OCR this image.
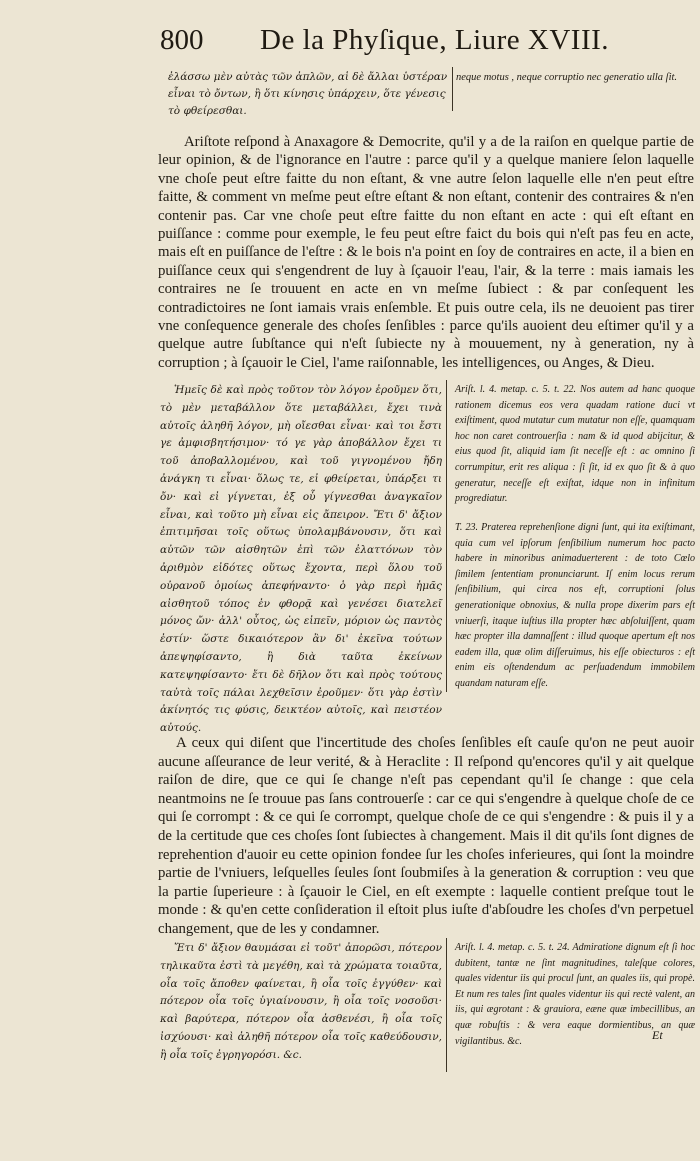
800 De la Phyſique, Liure XVIII.
ἐλάσσω μὲν αὐτὰς τῶν ἀπλῶν, αἱ δὲ ἄλλαι ὑστέραν εἶναι τὸ ὄντων, ἢ ὅτι κίνησις ὑπάρχειν, ὅτε γένεσις τὸ φθείρεσθαι.
neque motus , neque corruptio nec generatio ulla ſit.
Ariſtote reſpond à Anaxagore & Democrite, qu'il y a de la raiſon en quelque partie de leur opinion, & de l'ignorance en l'autre : parce qu'il y a quelque maniere ſelon laquelle vne choſe peut eſtre faitte du non eſtant, & vne autre ſelon laquelle elle n'en peut eſtre faitte, & comment vn meſme peut eſtre eſtant & non eſtant, contenir des contraires & n'en contenir pas. Car vne choſe peut eſtre faitte du non eſtant en acte : qui eſt eſtant en puiſſance : comme pour exemple, le feu peut eſtre faict du bois qui n'eſt pas feu en acte, mais eſt en puiſſance de l'eſtre : & le bois n'a point en ſoy de contraires en acte, il a bien en puiſſance ceux qui s'engendrent de luy à ſçauoir l'eau, l'air, & la terre : mais iamais les contraires ne ſe trouuent en acte en vn meſme ſubiect : & par conſequent les contradictoires ne ſont iamais vrais enſemble. Et puis outre cela, ils ne deuoient pas tirer vne conſequence generale des choſes ſenſibles : parce qu'ils auoient deu eſtimer qu'il y a quelque autre ſubſtance qui n'eſt ſubiecte ny à mouuement, ny à generation, ny à corruption ; à ſçauoir le Ciel, l'ame raiſonnable, les intelligences, ou Anges, & Dieu.
Ἡμεῖς δὲ καὶ πρὸς τοῦτον τὸν λόγον ἐροῦμεν ὅτι, τὸ μὲν μεταβάλλον ὅτε μεταβάλλει, ἔχει τινὰ αὐτοῖς ἀληθῆ λόγον, μὴ οἴεσθαι εἶναι· καὶ τοι ἔστι γε ἀμφισβητήσιμον· τό γε γὰρ ἀποβάλλον ἔχει τι τοῦ ἀποβαλλομένου, καὶ τοῦ γιγνομένου ἤδη ἀνάγκη τι εἶναι· ὅλως τε, εἰ φθείρεται, ὑπάρξει τι ὄν· καὶ εἰ γίγνεται, ἐξ οὗ γίγνεσθαι ἀναγκαῖον εἶναι, καὶ τοῦτο μὴ εἶναι εἰς ἄπειρον. Ἔτι δ' ἄξιον ἐπιτιμῆσαι τοῖς οὕτως ὑπολαμβάνουσιν, ὅτι καὶ αὐτῶν τῶν αἰσθητῶν ἐπὶ τῶν ἐλαττόνων τὸν ἀριθμὸν εἰδότες οὕτως ἔχοντα, περὶ ὅλου τοῦ οὐρανοῦ ὁμοίως ἀπεφήναντο· ὁ γὰρ περὶ ἡμᾶς αἰσθητοῦ τόπος ἐν φθορᾷ καὶ γενέσει διατελεῖ μόνος ὤν· ἀλλ' οὗτος, ὡς εἰπεῖν, μόριον ὡς παντὸς ἐστίν· ὥστε δικαιότερον ἂν δι' ἐκεῖνα τούτων ἀπεψηφίσαντο, ἢ διὰ ταῦτα ἐκείνων κατεψηφίσαντο· ἔτι δὲ δῆλον ὅτι καὶ πρὸς τούτους ταὐτὰ τοῖς πάλαι λεχθεῖσιν ἐροῦμεν· ὅτι γὰρ ἐστὶν ἀκίνητός τις φύσις, δεικτέον αὐτοῖς, καὶ πειστέον αὐτούς.
Ariſt. l. 4. metap. c. 5. t. 22. Nos autem ad hanc quoque rationem dicemus eos vera quadam ratione duci vt exiſtiment, quod mutatur cum mutatur non eſſe, quamquam hoc non caret controuerſia : nam & id quod abijcitur, & eius quod ſit, aliquid iam ſit neceſſe eſt : ac omnino ſi corrumpitur, erit res aliqua : ſi ſit, id ex quo ſit & à quo generatur, neceſſe eſt exiſtat, idque non in infinitum progrediatur.
T. 23. Praterea reprehenſione digni ſunt, qui ita exiſtimant, quia cum vel ipſorum ſenſibilium numerum hoc pacto habere in minoribus animaduerterent : de toto Cœlo ſimilem ſententiam pronunciarunt. Iſ enim locus rerum ſenſibilium, qui circa nos eſt, corruptioni ſolus generationique obnoxius, & nulla prope dixerim pars eſt vniuerſi, itaque iuſtius illa propter hæc abſoluiſſent, quam hæc propter illa damnaſſent : illud quoque apertum eſt nos eadem illa, quæ olim diſſeruimus, his eſſe obiecturos : eſt enim eis oſtendendum ac perſuadendum immobilem quandam naturam eſſe.
A ceux qui diſent que l'incertitude des choſes ſenſibles eſt cauſe qu'on ne peut auoir aucune aſſeurance de leur verité, & à Heraclite : Il reſpond qu'encores qu'il y ait quelque raiſon de dire, que ce qui ſe change n'eſt pas cependant qu'il ſe change : que cela neantmoins ne ſe trouue pas ſans controuerſe : car ce qui s'engendre à quelque choſe de ce qui ſe corrompt : & ce qui ſe corrompt, quelque choſe de ce qui s'engendre : & puis il y a de la certitude que ces choſes ſont ſubiectes à changement. Mais il dit qu'ils ſont dignes de reprehention d'auoir eu cette opinion fondee ſur les choſes inferieures, qui ſont la moindre partie de l'vniuers, leſquelles ſeules ſont ſoubmiſes à la generation & corruption : veu que la partie ſuperieure : à ſçauoir le Ciel, en eſt exempte : laquelle contient preſque tout le monde : & qu'en cette conſideration il eſtoit plus iuſte d'abſoudre les choſes d'vn perpetuel changement, que de les y condamner.
Ἔτι δ' ἄξιον θαυμάσαι εἰ τοῦτ' ἀπορῶσι, πότερον τηλικαῦτα ἐστὶ τὰ μεγέθη, καὶ τὰ χρώματα τοιαῦτα, οἷα τοῖς ἄποθεν φαίνεται, ἢ οἷα τοῖς ἐγγύθεν· καὶ πότερον οἷα τοῖς ὑγιαίνουσιν, ἢ οἷα τοῖς νοσοῦσι· καὶ βαρύτερα, πότερον οἷα ἀσθενέσι, ἢ οἷα τοῖς ἰσχύουσι· καὶ ἀληθῆ πότερον οἷα τοῖς καθεύδουσιν, ἢ οἷα τοῖς ἐγρηγορόσι. &c.
Ariſt. l. 4. metap. c. 5. t. 24. Admiratione dignum eſt ſi hoc dubitent, tantæ ne ſint magnitudines, taleſque colores, quales videntur iis qui procul ſunt, an quales iis, qui propè. Et num res tales ſint quales videntur iis qui rectè valent, an iis, qui ægrotant : & grauiora, eæne quæ imbecillibus, an quæ robuſtis : & vera eaque dormientibus, an quæ vigilantibus. &c.	Et
